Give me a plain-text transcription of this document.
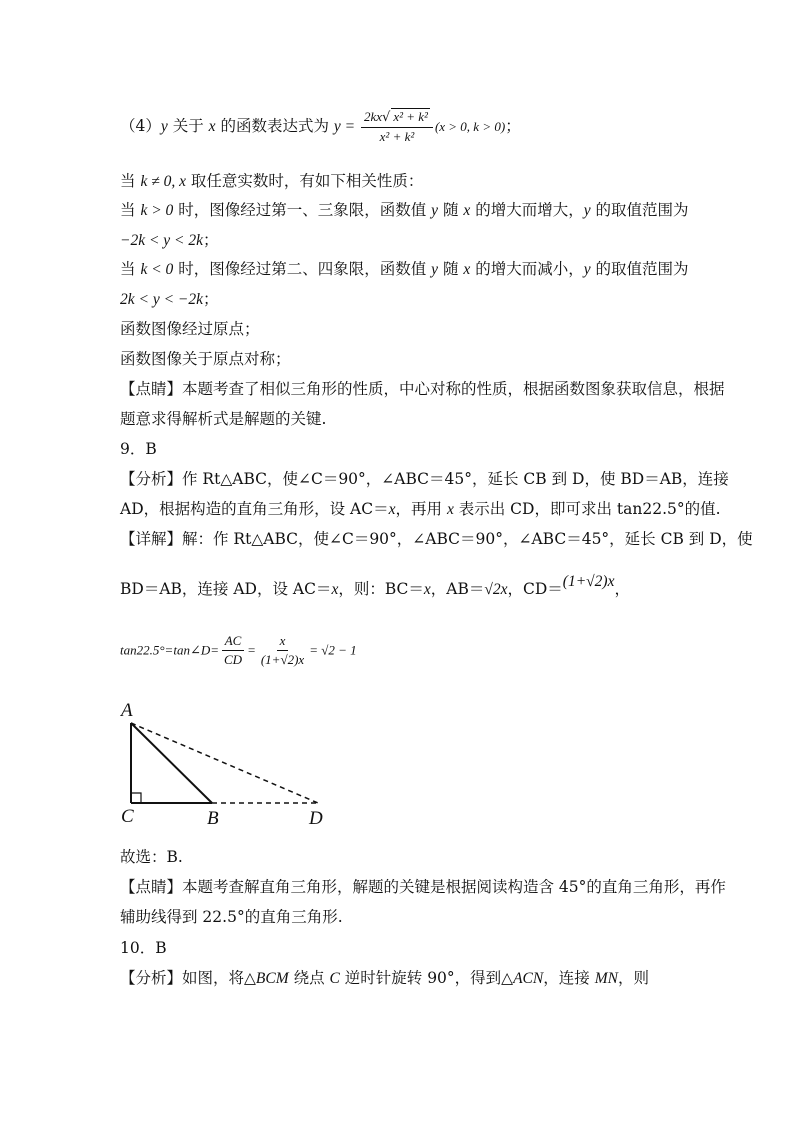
（4）y 关于 x 的函数表达式为 $y = \frac{\text{2kx√ x² + k²}}{\text{x² + k²}} (x > 0$, k > 0)；
当 k ≠ 0, x 取任意实数时，有如下相关性质：
当 k > 0 时，图像经过第一、三象限，函数值 y 随 x 的增大而增大，y 的取值范围为
−2k < y < 2k；
当 k < 0 时，图像经过第二、四象限，函数值 y 随 x 的增大而减小，y 的取值范围为
2k < y < −2k；
函数图像经过原点；
函数图像关于原点对称；
【点睛】本题考查了相似三角形的性质，中心对称的性质，根据函数图象获取信息，根据
题意求得解析式是解题的关键.
9．B
【分析】作 Rt△ABC，使∠C＝90°，∠ABC＝45°，延长 CB 到 D，使 BD＝AB，连接
AD，根据构造的直角三角形，设 AC＝x，再用 x 表示出 CD，即可求出 tan22.5°的值.
【详解】解：作 Rt△ABC，使∠C＝90°，∠ABC＝90°，∠ABC＝45°，延长 CB 到 D，使
BD＝AB，连接 AD，设 AC＝x，则：BC＝x，AB＝√2x，CD＝(1+√2)x，
tan22.5°=tan∠D= $\frac{AC}{CD} = \frac{x}{(1+√2)x} = √2 - 1$
A
C	B	D
故选：B.
【点睛】本题考查解直角三角形，解题的关键是根据阅读构造含 45°的直角三角形，再作
辅助线得到 22.5°的直角三角形.
10．B
【分析】如图，将△BCM 绕点 C 逆时针旋转 90°，得到△ACN，连接 MN，则
